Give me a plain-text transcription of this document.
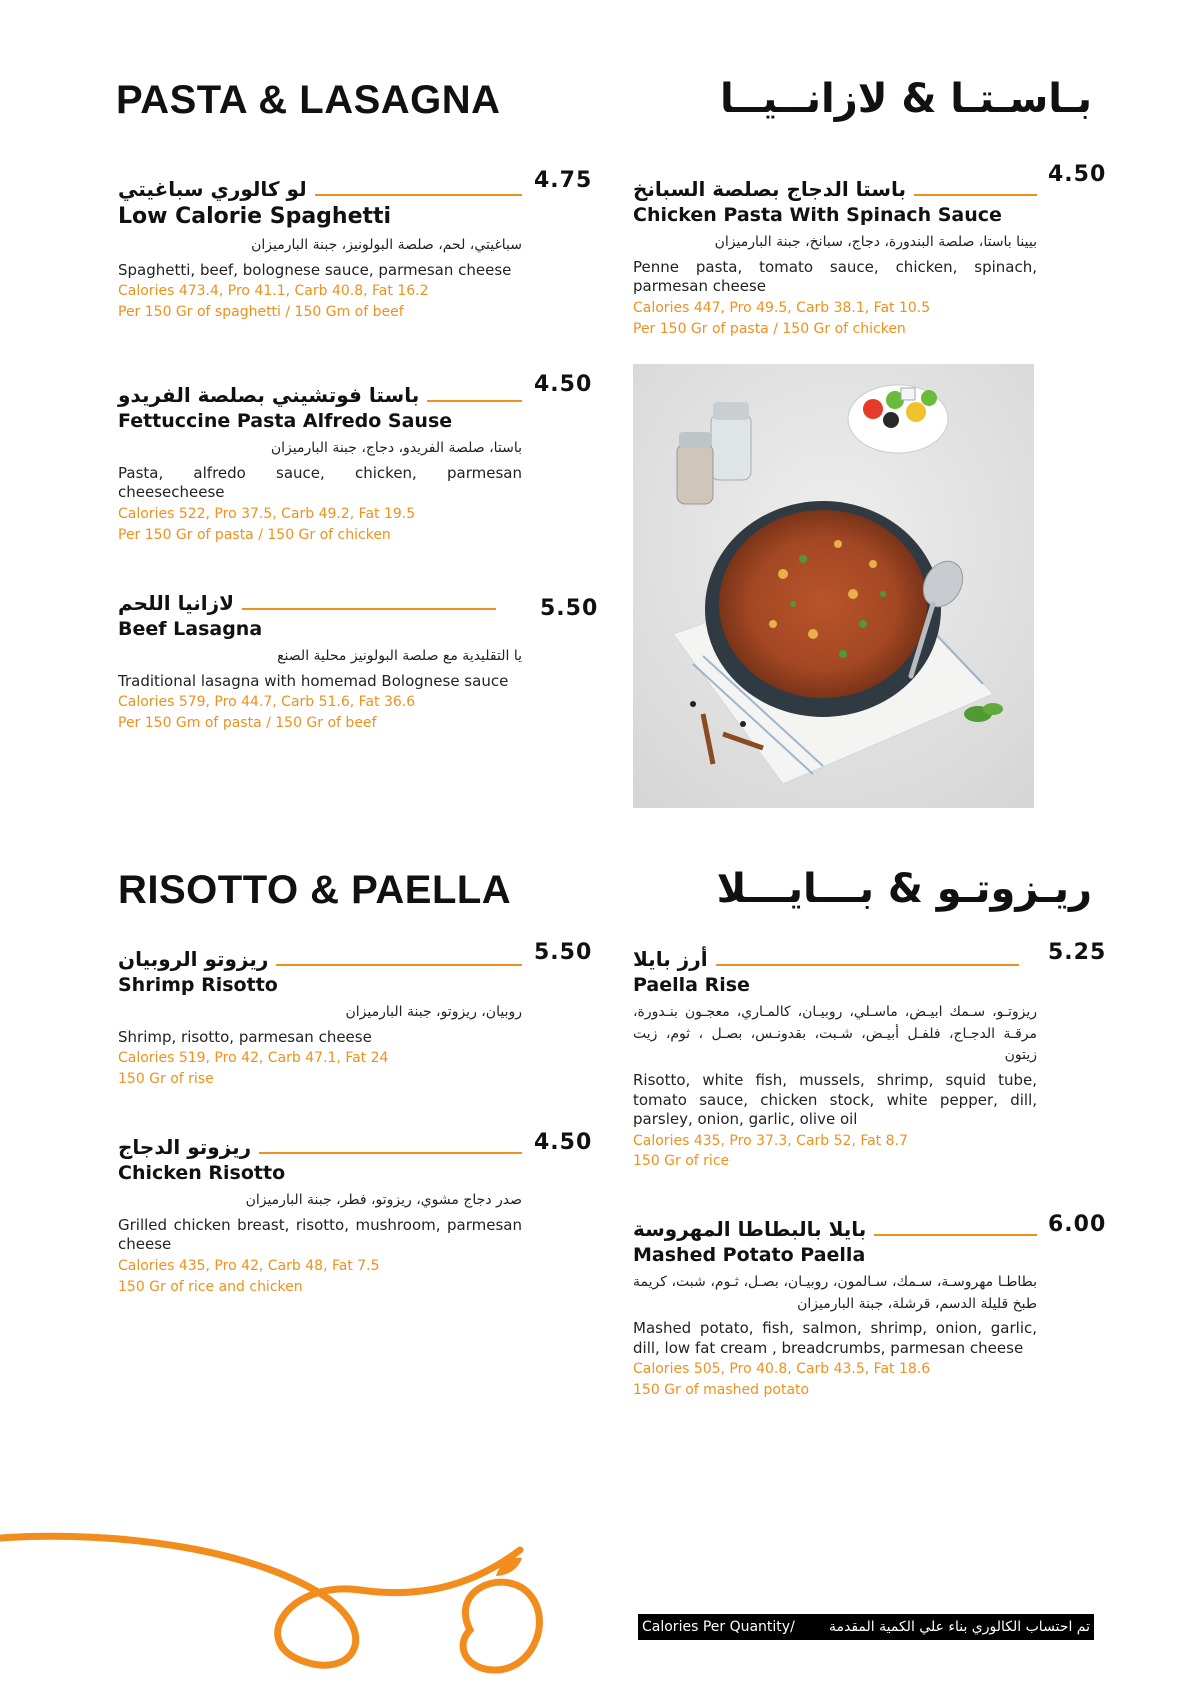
PASTA & LASAGNA	بـاسـتـا & لازانــيــا
لو كالوري سباغيتي
Low Calorie Spaghetti
سباغيتي، لحم، صلصة البولونيز، جبنة البارميزان
Spaghetti, beef, bolognese sauce, parmesan cheese
Calories 473.4, Pro 41.1, Carb 40.8, Fat 16.2
Per 150 Gr of spaghetti / 150 Gm of beef
4.75 باستا الدجاج بصلصة السبانخ
Chicken Pasta With Spinach Sauce
بيينا باستا، صلصة البندورة، دجاج، سبانخ، جبنة البارميزان
Penne pasta, tomato sauce, chicken, spinach, parmesan cheese
Calories 447, Pro 49.5, Carb 38.1, Fat 10.5
Per 150 Gr of pasta / 150 Gr of chicken
4.50
باستا فوتشيني بصلصة الفريدو
Fettuccine Pasta Alfredo Sause
باستا، صلصة الفريدو، دجاج، جبنة البارميزان
Pasta, alfredo sauce, chicken, parmesan cheesecheese
Calories 522, Pro 37.5, Carb 49.2, Fat 19.5
Per 150 Gr of pasta / 150 Gr of chicken
4.50
لازانيا اللحم
Beef Lasagna
يا التقليدية مع صلصة البولونيز محلية الصنع
Traditional lasagna with homemad Bolognese sauce
Calories 579, Pro 44.7, Carb 51.6, Fat 36.6
Per 150 Gm of pasta / 150 Gr of beef
5.50
RISOTTO & PAELLA	ريـزوتـو & بـــايـــلا
ريزوتو الروبيان
Shrimp Risotto
روبيان، ريزوتو، جبنة البارميزان
Shrimp, risotto, parmesan cheese
Calories 519, Pro 42, Carb 47.1, Fat 24
150 Gr of rise
5.50 أرز بايلا
Paella Rise
ريزوتـو، سـمك ابيـض، ماسـلي، روبيـان، كالمـاري، معجـون بنـدورة، مرقـة الدجـاج، فلفـل أبيـض، شـبت، بقدونـس، بصـل ، ثوم، زيت زيتون
Risotto, white fish, mussels, shrimp, squid tube, tomato sauce, chicken stock, white pepper, dill, parsley, onion, garlic, olive oil
Calories 435, Pro 37.3, Carb 52, Fat 8.7
150 Gr of rice
5.25
ريزوتو الدجاج
Chicken Risotto
صدر دجاج مشوي، ريزوتو، فطر، جبنة البارميزان
Grilled chicken breast, risotto, mushroom, parmesan cheese
Calories 435, Pro 42, Carb 48, Fat 7.5
150 Gr of rice and chicken
4.50
بايلا بالبطاطا المهروسة
Mashed Potato Paella
بطاطـا مهروسـة، سـمك، سـالمون، روبيـان، بصـل، ثـوم، شبت، كريمة طبخ قليلة الدسم، قرشلة، جبنة البارميزان
Mashed potato, fish, salmon, shrimp, onion, garlic, dill, low fat cream , breadcrumbs, parmesan cheese
Calories 505, Pro 40.8, Carb 43.5, Fat 18.6
150 Gr of mashed potato
6.00
Calories Per Quantity/ تم احتساب الكالوري بناء علي الكمية المقدمة
